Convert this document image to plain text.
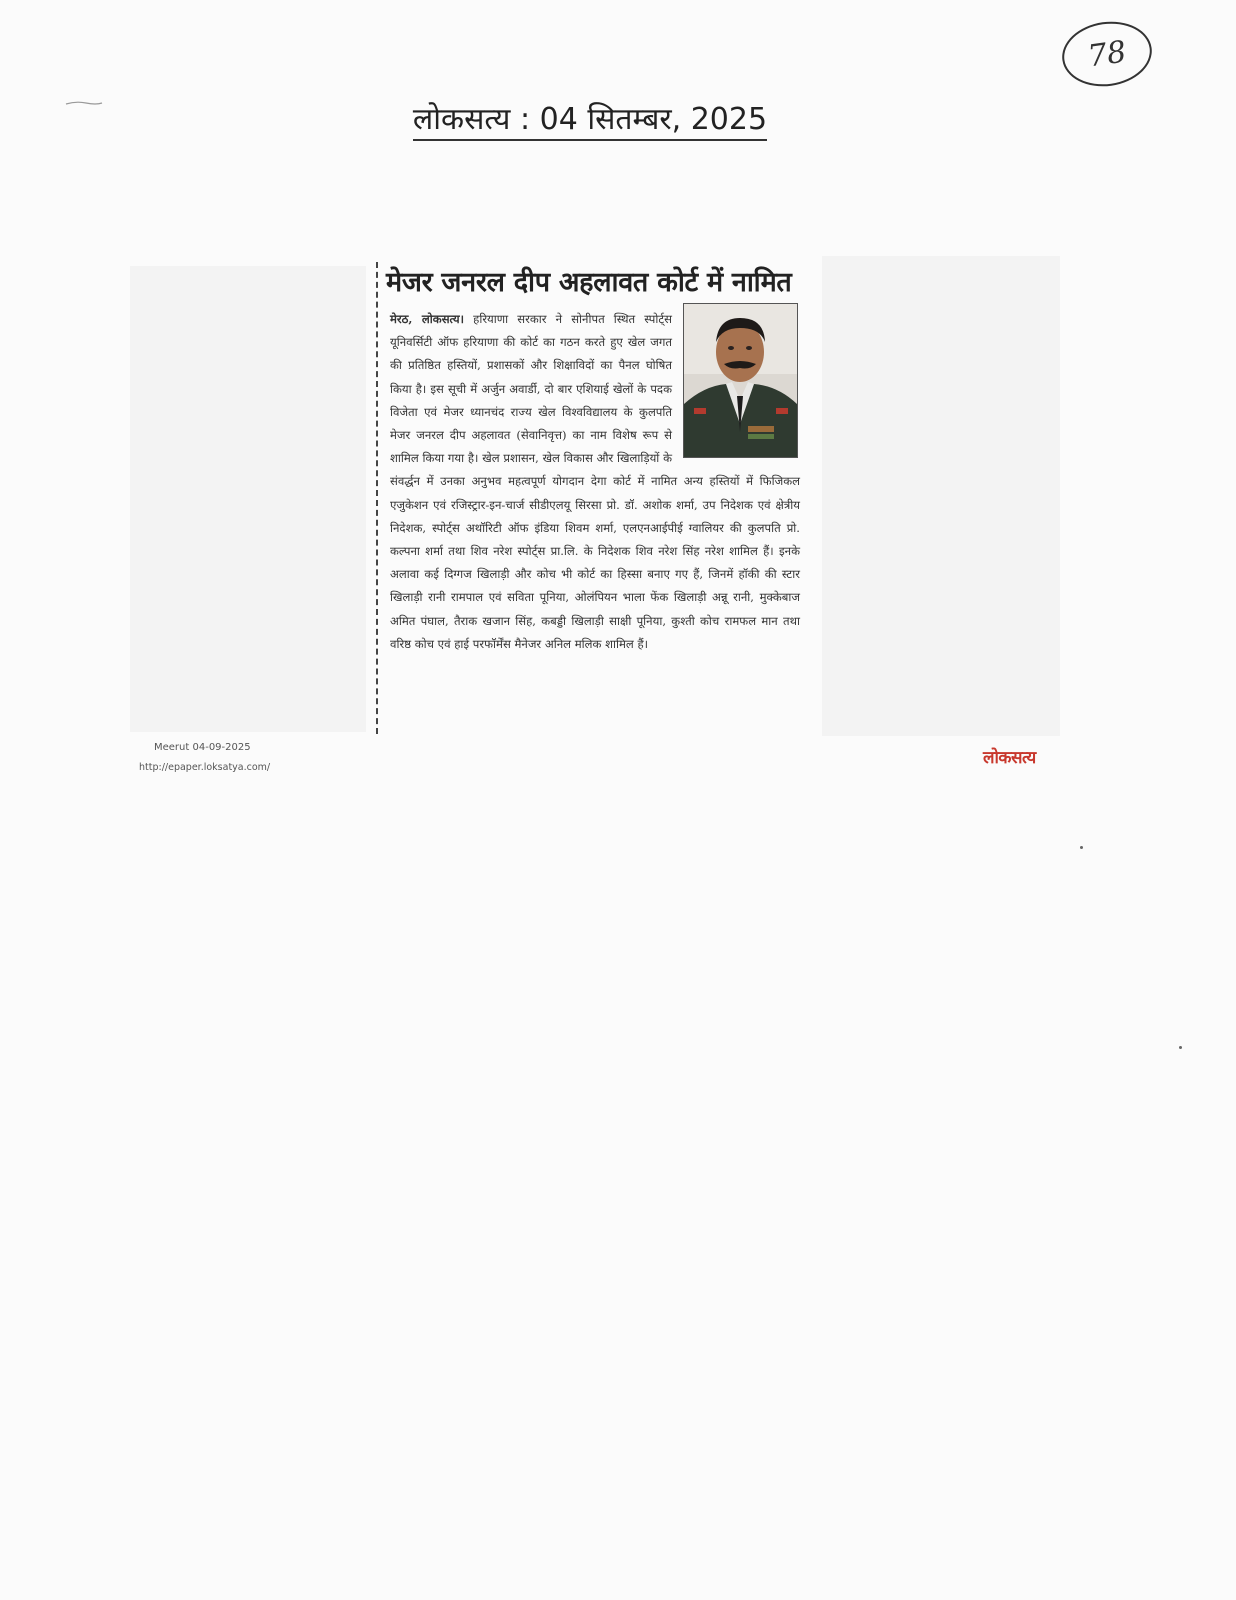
78
लोकसत्य : 04 सितम्बर, 2025
मेजर जनरल दीप अहलावत कोर्ट में नामित

मेरठ, लोकसत्य। हरियाणा सरकार ने सोनीपत स्थित स्पोर्ट्स यूनिवर्सिटी ऑफ हरियाणा की कोर्ट का गठन करते हुए खेल जगत की प्रतिष्ठित हस्तियों, प्रशासकों और शिक्षाविदों का पैनल घोषित किया है। इस सूची में अर्जुन अवार्डी, दो बार एशियाई खेलों के पदक विजेता एवं मेजर ध्यानचंद राज्य खेल विश्वविद्यालय के कुलपति मेजर जनरल दीप अहलावत (सेवानिवृत्त) का नाम विशेष रूप से शामिल किया गया है। खेल प्रशासन, खेल विकास और खिलाड़ियों के संवर्द्धन में उनका अनुभव महत्वपूर्ण योगदान देगा कोर्ट में नामित अन्य हस्तियों में फिजिकल एजुकेशन एवं रजिस्ट्रार-इन-चार्ज सीडीएलयू सिरसा प्रो. डॉ. अशोक शर्मा, उप निदेशक एवं क्षेत्रीय निदेशक, स्पोर्ट्स अथॉरिटी ऑफ इंडिया शिवम शर्मा, एलएनआईपीई ग्वालियर की कुलपति प्रो. कल्पना शर्मा तथा शिव नरेश स्पोर्ट्स प्रा.लि. के निदेशक शिव नरेश सिंह नरेश शामिल हैं। इनके अलावा कई दिग्गज खिलाड़ी और कोच भी कोर्ट का हिस्सा बनाए गए हैं, जिनमें हॉकी की स्टार खिलाड़ी रानी रामपाल एवं सविता पूनिया, ओलंपियन भाला फेंक खिलाड़ी अन्नू रानी, मुक्केबाज अमित पंघाल, तैराक खजान सिंह, कबड्डी खिलाड़ी साक्षी पूनिया, कुश्ती कोच रामफल मान तथा वरिष्ठ कोच एवं हाई परफॉर्मेंस मैनेजर अनिल मलिक शामिल हैं।

Meerut 04-09-2025
http://epaper.loksatya.com/	लोकसत्य
